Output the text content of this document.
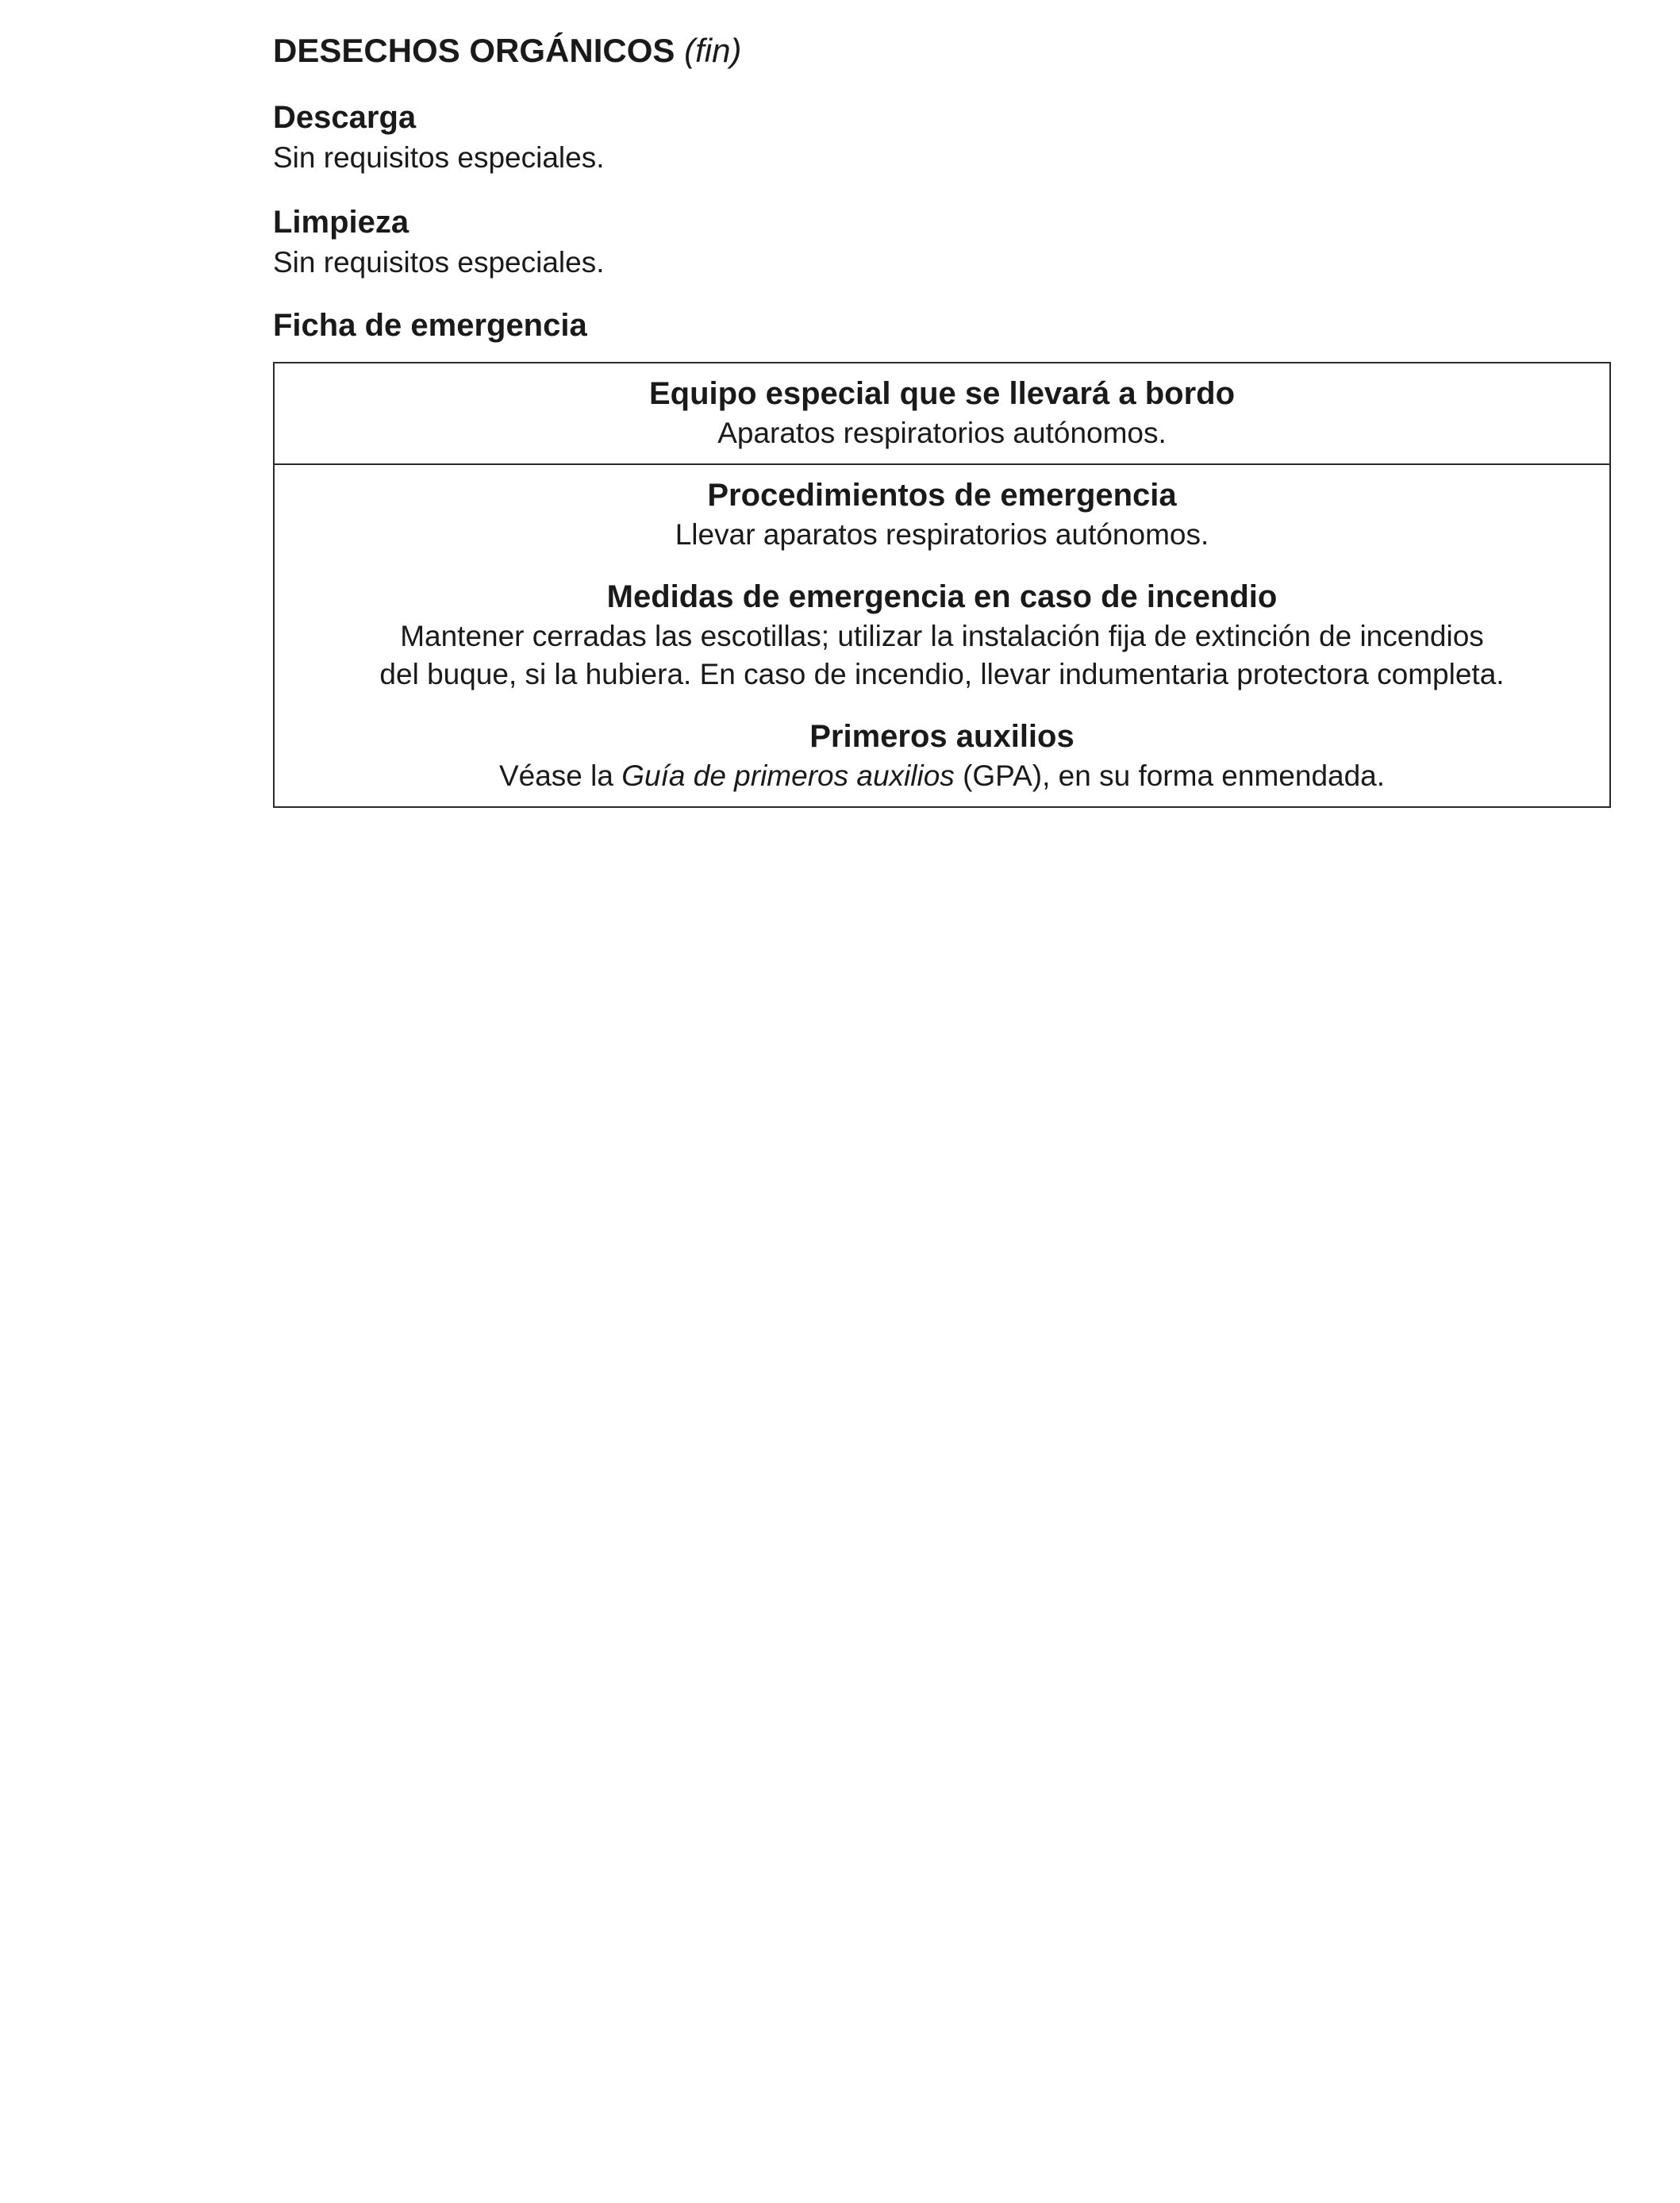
DESECHOS ORGÁNICOS (fin)
Descarga

Sin requisitos especiales.

Limpieza

Sin requisitos especiales.

Ficha de emergencia
Equipo especial que se llevará a bordo

Aparatos respiratorios autónomos.

Procedimientos de emergencia

Llevar aparatos respiratorios autónomos.

Medidas de emergencia en caso de incendio

Mantener cerradas las escotillas; utilizar la instalación fija de extinción de incendios
del buque, si la hubiera. En caso de incendio, llevar indumentaria protectora completa.

Primeros auxilios

Véase la Guía de primeros auxilios (GPA), en su forma enmendada.
